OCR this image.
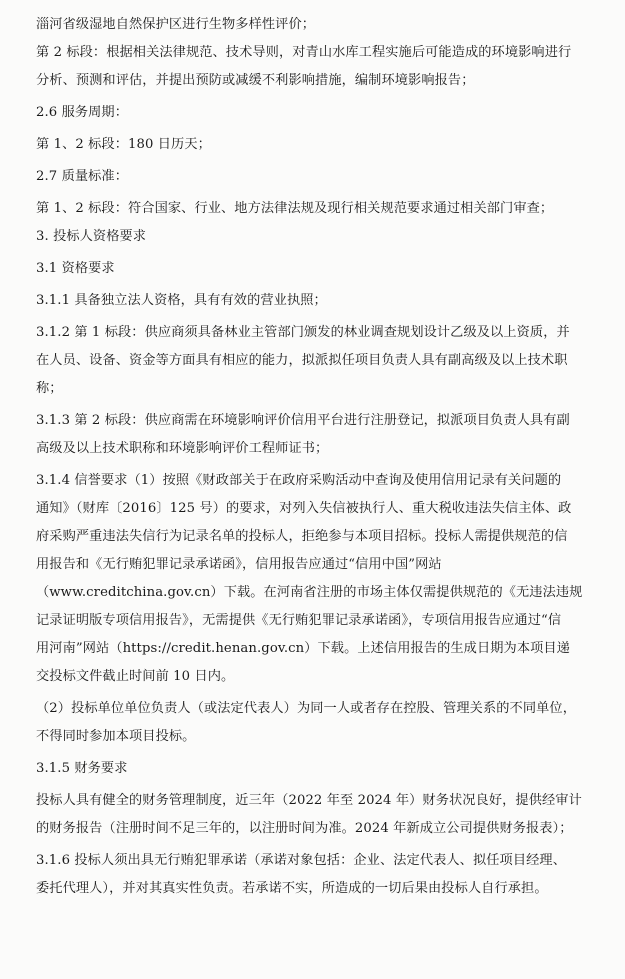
淄河省级湿地自然保护区进行生物多样性评价；
第 2 标段：根据相关法律规范、技术导则，对青山水库工程实施后可能造成的环境影响进行
分析、预测和评估，并提出预防或减缓不利影响措施，编制环境影响报告；
2.6 服务周期：
第 1、2 标段：180 日历天；
2.7 质量标准：
第 1、2 标段：符合国家、行业、地方法律法规及现行相关规范要求通过相关部门审查；
3. 投标人资格要求
3.1 资格要求
3.1.1 具备独立法人资格，具有有效的营业执照；
3.1.2 第 1 标段：供应商须具备林业主管部门颁发的林业调查规划设计乙级及以上资质，并
在人员、设备、资金等方面具有相应的能力，拟派拟任项目负责人具有副高级及以上技术职
称；
3.1.3 第 2 标段：供应商需在环境影响评价信用平台进行注册登记，拟派项目负责人具有副
高级及以上技术职称和环境影响评价工程师证书；
3.1.4 信誉要求（1）按照《财政部关于在政府采购活动中查询及使用信用记录有关问题的
通知》（财库〔2016〕125 号）的要求，对列入失信被执行人、重大税收违法失信主体、政
府采购严重违法失信行为记录名单的投标人，拒绝参与本项目招标。投标人需提供规范的信
用报告和《无行贿犯罪记录承诺函》，信用报告应通过“信用中国”网站
（www.creditchina.gov.cn）下载。在河南省注册的市场主体仅需提供规范的《无违法违规
记录证明版专项信用报告》，无需提供《无行贿犯罪记录承诺函》，专项信用报告应通过“信
用河南”网站（https://credit.henan.gov.cn）下载。上述信用报告的生成日期为本项目递
交投标文件截止时间前 10 日内。
（2）投标单位单位负责人（或法定代表人）为同一人或者存在控股、管理关系的不同单位，
不得同时参加本项目投标。
3.1.5 财务要求
投标人具有健全的财务管理制度，近三年（2022 年至 2024 年）财务状况良好，提供经审计
的财务报告（注册时间不足三年的，以注册时间为准。2024 年新成立公司提供财务报表）；
3.1.6 投标人须出具无行贿犯罪承诺（承诺对象包括：企业、法定代表人、拟任项目经理、
委托代理人），并对其真实性负责。若承诺不实，所造成的一切后果由投标人自行承担。
